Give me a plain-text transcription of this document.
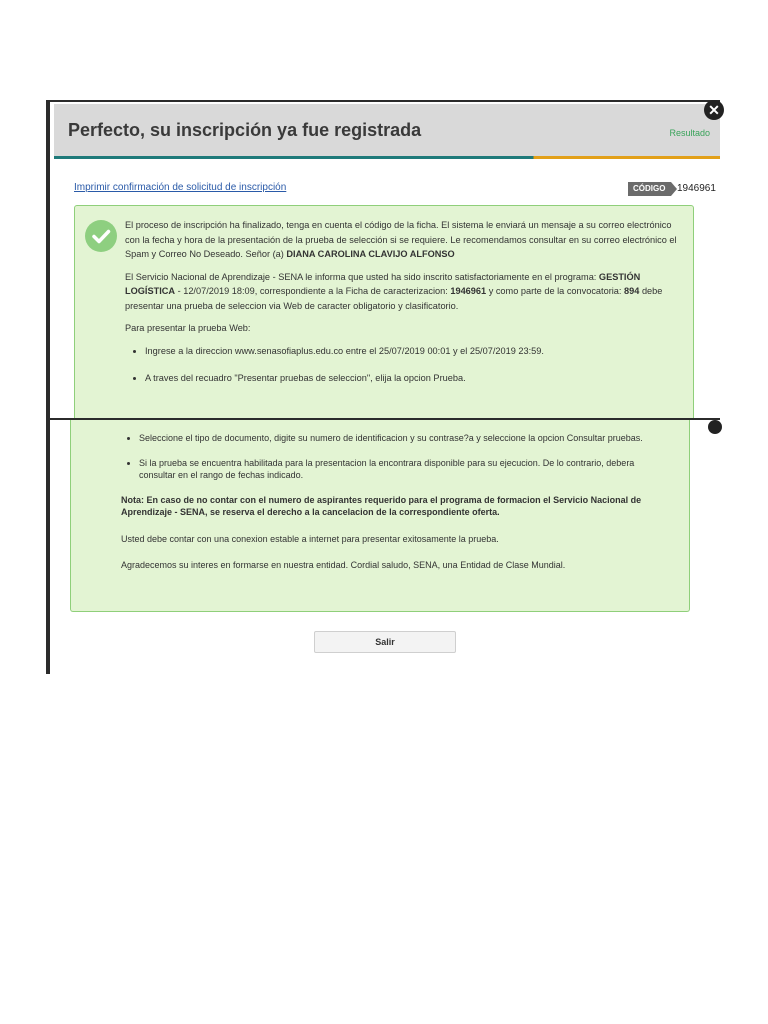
Perfecto, su inscripción ya fue registrada	Resultado
Imprimir confirmación de solicitud de inscripción	CÓDIGO	1946961

El proceso de inscripción ha finalizado, tenga en cuenta el código de la ficha. El sistema le enviará un mensaje a su correo electrónico con la fecha y hora de la presentación de la prueba de selección si se requiere. Le recomendamos consultar en su correo electrónico el Spam y Correo No Deseado. Señor (a) DIANA CAROLINA CLAVIJO ALFONSO

El Servicio Nacional de Aprendizaje - SENA le informa que usted ha sido inscrito satisfactoriamente en el programa: GESTIÓN LOGÍSTICA - 12/07/2019 18:09, correspondiente a la Ficha de caracterizacion: 1946961 y como parte de la convocatoria: 894 debe presentar una prueba de seleccion via Web de caracter obligatorio y clasificatorio.

Para presentar la prueba Web:

• Ingrese a la direccion www.senasofiaplus.edu.co entre el 25/07/2019 00:01 y el 25/07/2019 23:59.
• A traves del recuadro "Presentar pruebas de seleccion", elija la opcion Prueba.
✕
• Seleccione el tipo de documento, digite su numero de identificacion y su contrase?a y seleccione la opcion Consultar pruebas.
• Si la prueba se encuentra habilitada para la presentacion la encontrara disponible para su ejecucion. De lo contrario, debera consultar en el rango de fechas indicado.

Nota: En caso de no contar con el numero de aspirantes requerido para el programa de formacion el Servicio Nacional de Aprendizaje - SENA, se reserva el derecho a la cancelacion de la correspondiente oferta.

Usted debe contar con una conexion estable a internet para presentar exitosamente la prueba.

Agradecemos su interes en formarse en nuestra entidad. Cordial saludo, SENA, una Entidad de Clase Mundial.

Salir
